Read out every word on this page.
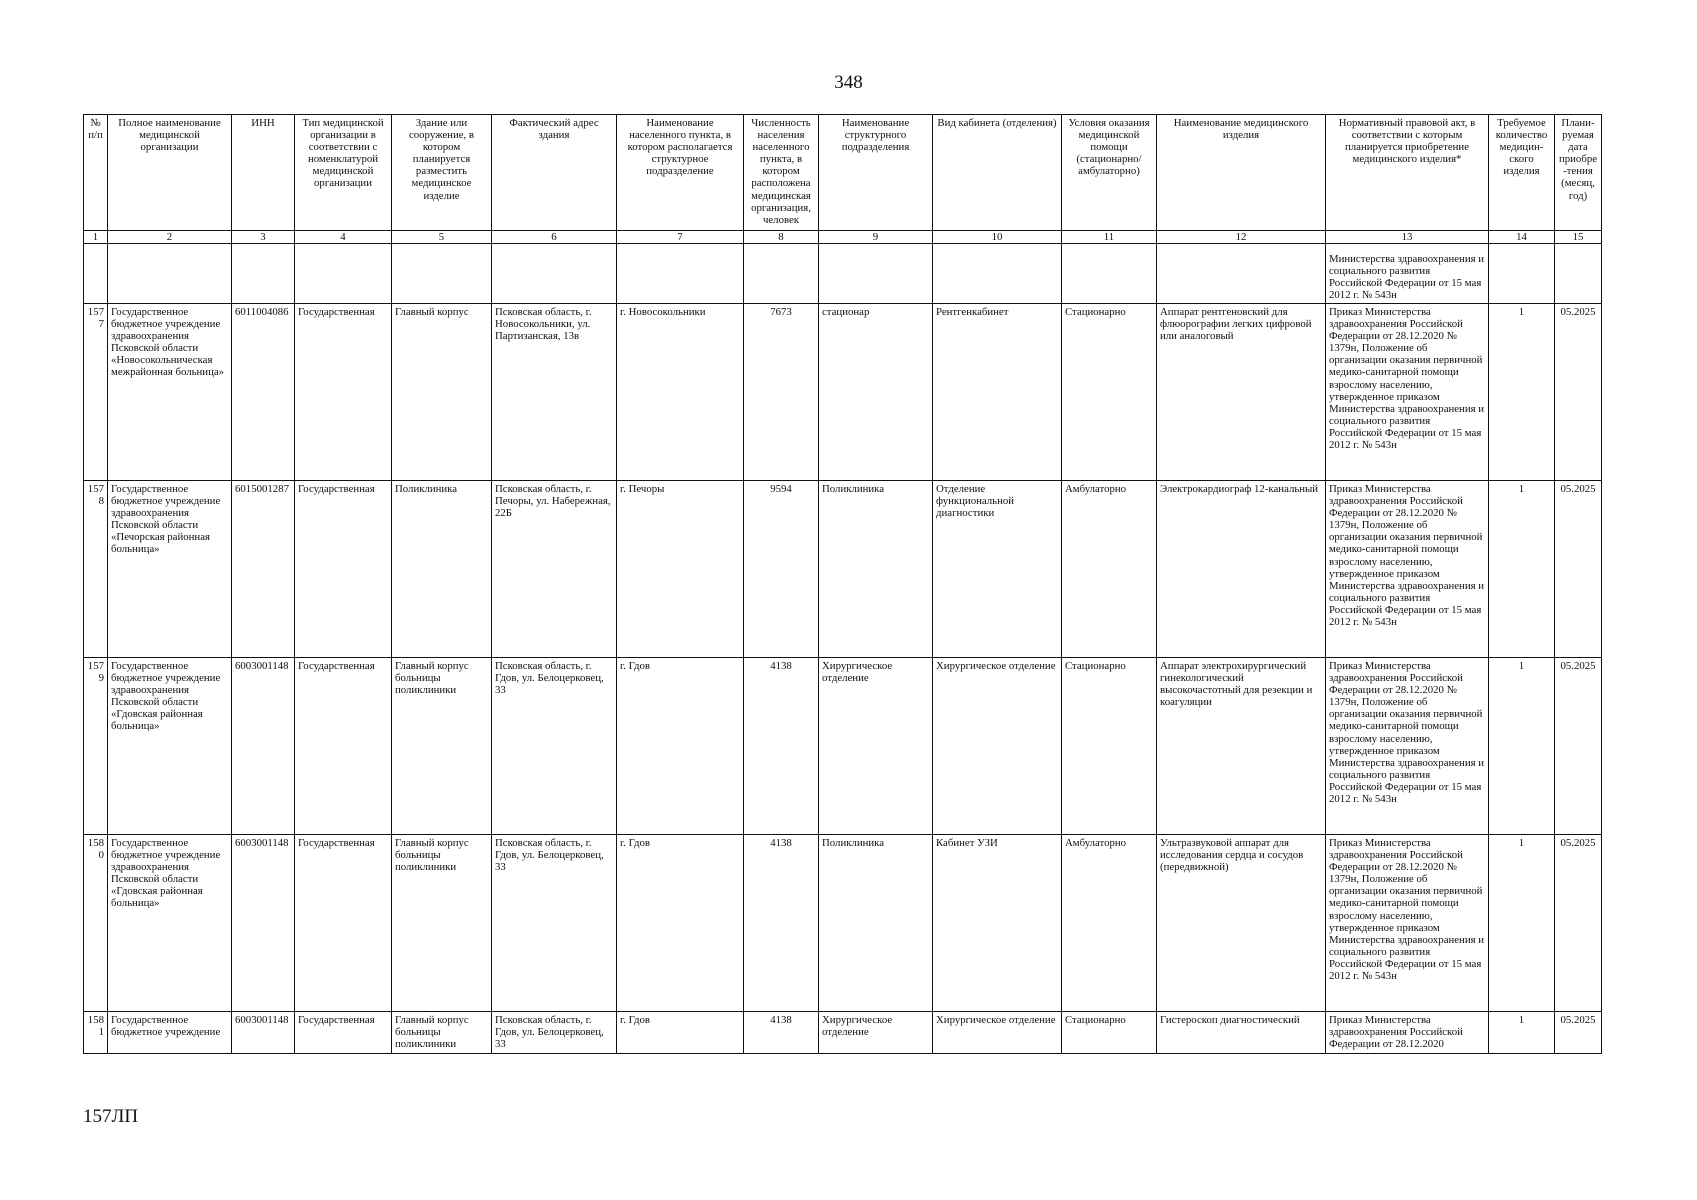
348
№ п/п	Полное наименование медицинской организации	ИНН	Тип медицинской организации в соответствии с номенклатурой медицинской организации	Здание или сооружение, в котором планируется разместить медицинское изделие	Фактический адрес здания	Наименование населенного пункта, в котором располагается структурное подразделение	Численность населения населенного пункта, в котором расположена медицинская организация, человек	Наименование структурного подразделения	Вид кабинета (отделения)	Условия оказания медицинской помощи (стационарно/ амбулаторно)	Наименование медицинского изделия	Нормативный правовой акт, в соответствии с которым планируется приобретение медицинского изделия*	Требуемое количество медицин-ского изделия	Плани-руемая дата приобре-тения (месяц, год)
1	2	3	4	5	6	7	8	9	10	11	12	13	14	15
												Министерства здравоохранения и социального развития Российской Федерации от 15 мая 2012 г. № 543н		
1577	Государственное бюджетное учреждение здравоохранения Псковской области «Новосокольническая межрайонная больница»	6011004086	Государственная	Главный корпус	Псковская область, г. Новосокольники, ул. Партизанская, 13в	г. Новосокольники	7673	стационар	Рентгенкабинет	Стационарно	Аппарат рентгеновский для флюорографии легких цифровой или аналоговый	Приказ Министерства здравоохранения Российской Федерации от 28.12.2020 № 1379н, Положение об организации оказания первичной медико-санитарной помощи взрослому населению, утвержденное приказом Министерства здравоохранения и социального развития Российской Федерации от 15 мая 2012 г. № 543н	1	05.2025
1578	Государственное бюджетное учреждение здравоохранения Псковской области «Печорская районная больница»	6015001287	Государственная	Поликлиника	Псковская область, г. Печоры, ул. Набережная, 22Б	г. Печоры	9594	Поликлиника	Отделение функциональной диагностики	Амбулаторно	Электрокардиограф 12-канальный	Приказ Министерства здравоохранения Российской Федерации от 28.12.2020 № 1379н, Положение об организации оказания первичной медико-санитарной помощи взрослому населению, утвержденное приказом Министерства здравоохранения и социального развития Российской Федерации от 15 мая 2012 г. № 543н	1	05.2025
1579	Государственное бюджетное учреждение здравоохранения Псковской области «Гдовская районная больница»	6003001148	Государственная	Главный корпус больницы поликлиники	Псковская область, г. Гдов, ул. Белоцерковец, 33	г. Гдов	4138	Хирургическое отделение	Хирургическое отделение	Стационарно	Аппарат электрохирургический гинекологический высокочастотный для резекции и коагуляции	Приказ Министерства здравоохранения Российской Федерации от 28.12.2020 № 1379н, Положение об организации оказания первичной медико-санитарной помощи взрослому населению, утвержденное приказом Министерства здравоохранения и социального развития Российской Федерации от 15 мая 2012 г. № 543н	1	05.2025
1580	Государственное бюджетное учреждение здравоохранения Псковской области «Гдовская районная больница»	6003001148	Государственная	Главный корпус больницы поликлиники	Псковская область, г. Гдов, ул. Белоцерковец, 33	г. Гдов	4138	Поликлиника	Кабинет УЗИ	Амбулаторно	Ультразвуковой аппарат для исследования сердца и сосудов (передвижной)	Приказ Министерства здравоохранения Российской Федерации от 28.12.2020 № 1379н, Положение об организации оказания первичной медико-санитарной помощи взрослому населению, утвержденное приказом Министерства здравоохранения и социального развития Российской Федерации от 15 мая 2012 г. № 543н	1	05.2025
1581	Государственное бюджетное учреждение	6003001148	Государственная	Главный корпус больницы поликлиники	Псковская область, г. Гдов, ул. Белоцерковец, 33	г. Гдов	4138	Хирургическое отделение	Хирургическое отделение	Стационарно	Гистероскоп диагностический	Приказ Министерства здравоохранения Российской Федерации от 28.12.2020	1	05.2025
157ЛП
